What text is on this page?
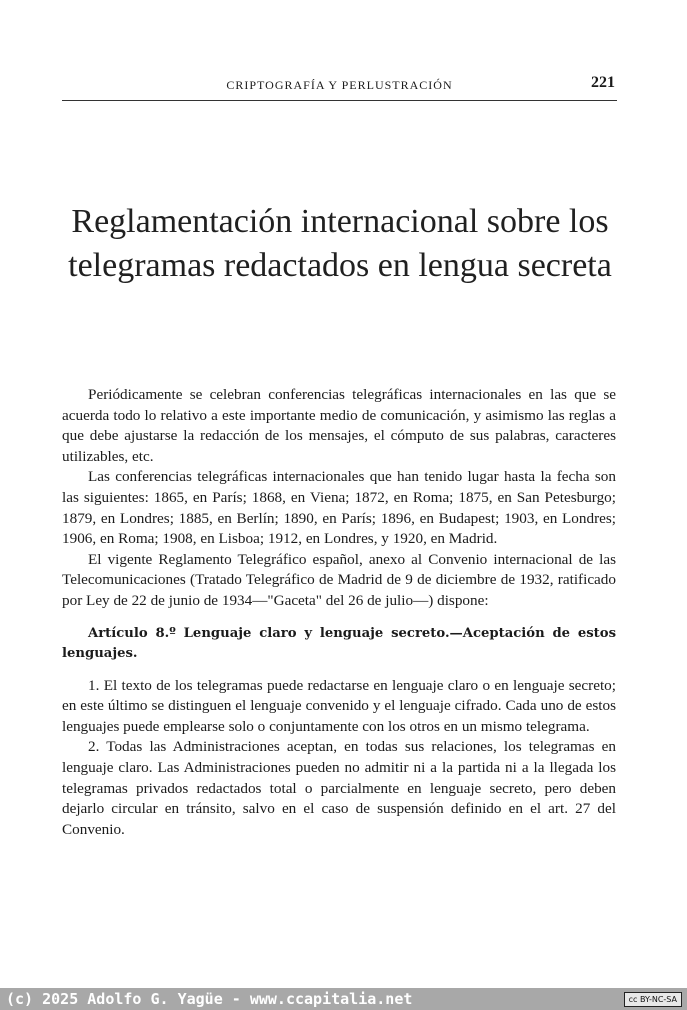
CRIPTOGRAFÍA Y PERLUSTRACIÓN	221
Reglamentación internacional sobre los telegramas redactados en lengua secreta

Periódicamente se celebran conferencias telegráficas internacionales en las que se acuerda todo lo relativo a este importante medio de comunicación, y asimismo las reglas a que debe ajustarse la redacción de los mensajes, el cómputo de sus palabras, caracteres utilizables, etc.

Las conferencias telegráficas internacionales que han tenido lugar hasta la fecha son las siguientes: 1865, en París; 1868, en Viena; 1872, en Roma; 1875, en San Petesburgo; 1879, en Londres; 1885, en Berlín; 1890, en París; 1896, en Budapest; 1903, en Londres; 1906, en Roma; 1908, en Lisboa; 1912, en Londres, y 1920, en Madrid.

El vigente Reglamento Telegráfico español, anexo al Convenio internacional de las Telecomunicaciones (Tratado Telegráfico de Madrid de 9 de diciembre de 1932, ratificado por Ley de 22 de junio de 1934—"Gaceta" del 26 de julio—) dispone:

Artículo 8.º Lenguaje claro y lenguaje secreto.—Aceptación de estos lenguajes.

1. El texto de los telegramas puede redactarse en lenguaje claro o en lenguaje secreto; en este último se distinguen el lenguaje convenido y el lenguaje cifrado. Cada uno de estos lenguajes puede emplearse solo o conjuntamente con los otros en un mismo telegrama.

2. Todas las Administraciones aceptan, en todas sus relaciones, los telegramas en lenguaje claro. Las Administraciones pueden no admitir ni a la partida ni a la llegada los telegramas privados redactados total o parcialmente en lenguaje secreto, pero deben dejarlo circular en tránsito, salvo en el caso de suspensión definido en el art. 27 del Convenio.

(c) 2025 Adolfo G. Yagüe - www.ccapitalia.net	cc BY-NC-SA
